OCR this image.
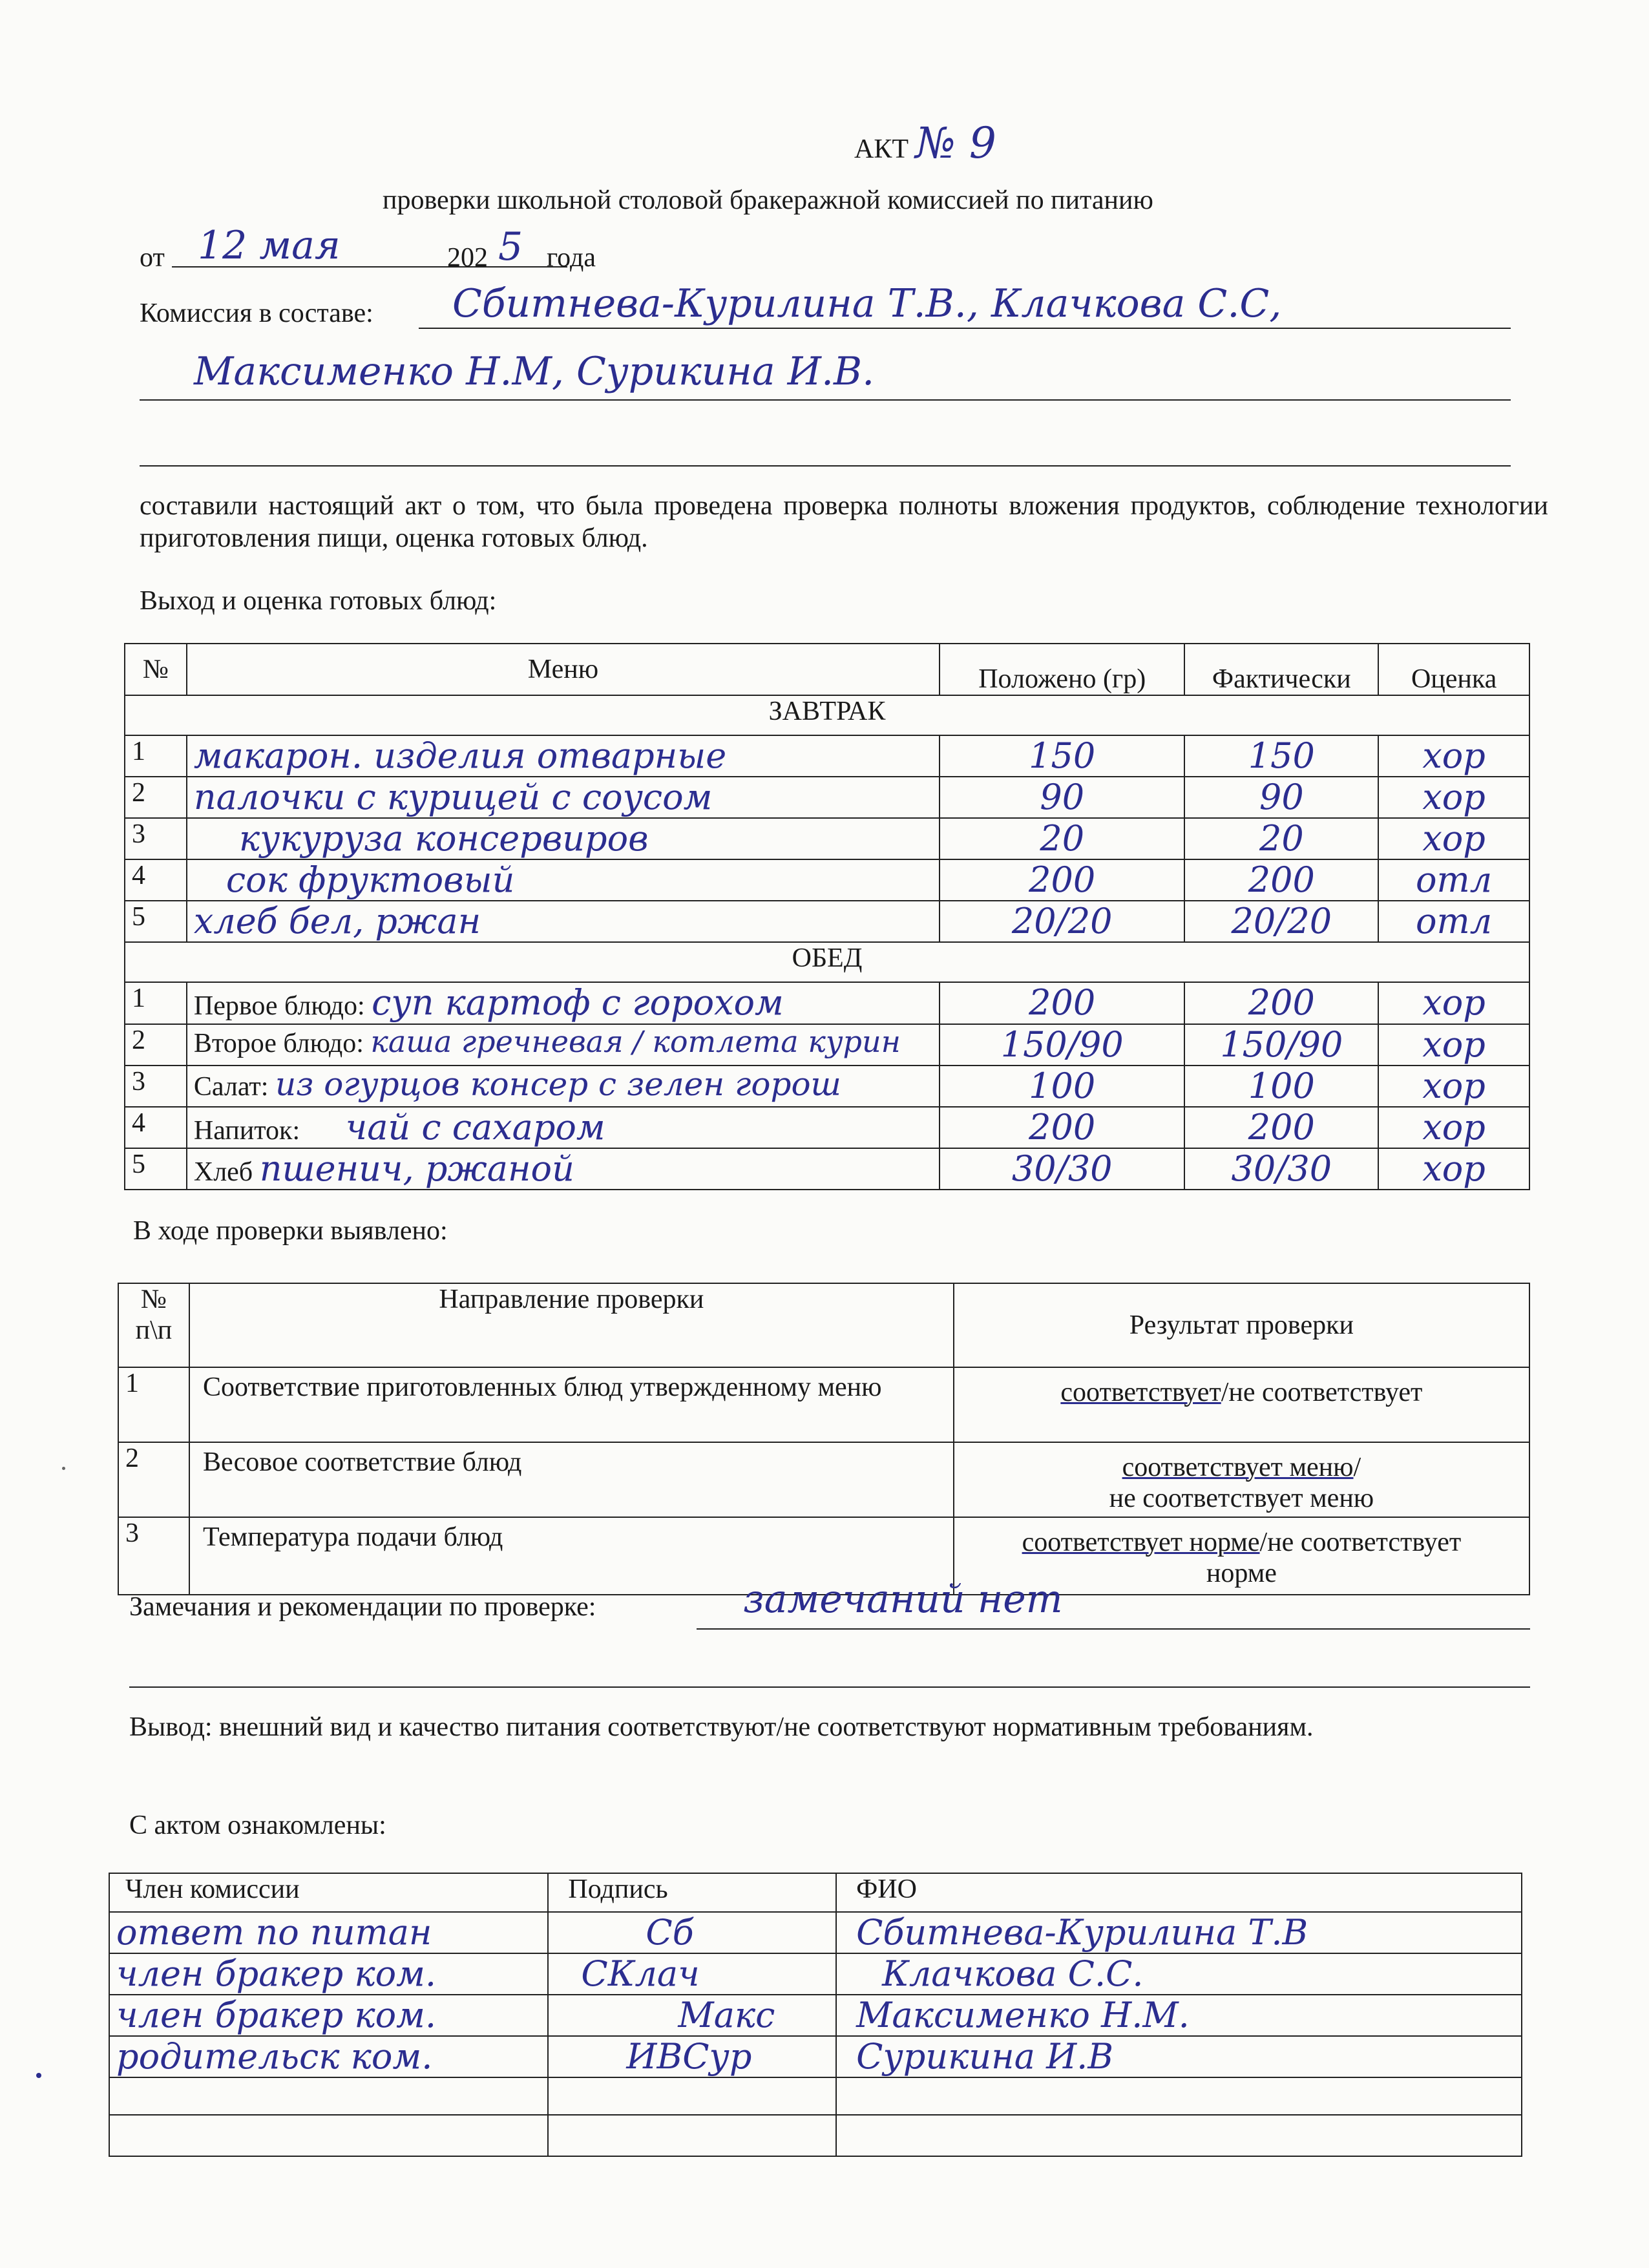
АКТ № 9
проверки школьной столовой бракеражной комиссией по питанию
от 12 мая	202 5 года
Комиссия в составе: Сбитнева-Курилина Т.В., Клачкова С.С,
Максименко Н.М, Сурикина И.В.
составили настоящий акт о том, что была проведена проверка полноты вложения продуктов, соблюдение технологии приготовления пищи, оценка готовых блюд.
Выход и оценка готовых блюд:
№	Меню	Положено (гр)	Фактически	Оценка
ЗАВТРАК				
1	макарон. изделия отварные	150	150	хор
2	палочки с курицей с соусом	90	90	хор
3	кукуруза консервиров	20	20	хор
4	сок фруктовый	200	200	отл
5	хлеб бел, ржан	20/20	20/20	отл
ОБЕД				
1	Первое блюдо: суп картоф с горохом	200	200	хор
2	Второе блюдо: каша гречневая / котлета курин	150/90	150/90	хор
3	Салат: из огурцов консер с зелен горош	100	100	хор
4	Напиток: чай с сахаром	200	200	хор
5	Хлеб пшенич, ржаной	30/30	30/30	хор
В ходе проверки выявлено:
№ п\п	Направление проверки	Результат проверки
1	Соответствие приготовленных блюд утвержденному меню	соответствует/не соответствует

2	Весовое соответствие блюд	соответствует меню/
не соответствует меню
3	Температура подачи блюд	соответствует норме/не соответствует
норме
Замечания и рекомендации по проверке:	замечаний нет
Вывод: внешний вид и качество питания соответствуют/не соответствуют нормативным требованиям.
С актом ознакомлены:
Член комиссии	Подпись	ФИО
ответ по питан	Сб	Сбитнева-Курилина Т.В
член бракер ком.	СКлач	Клачкова С.С.
член бракер ком.	Макс	Максименко Н.М.
родительск ком.	ИВСур	Сурикина И.В
